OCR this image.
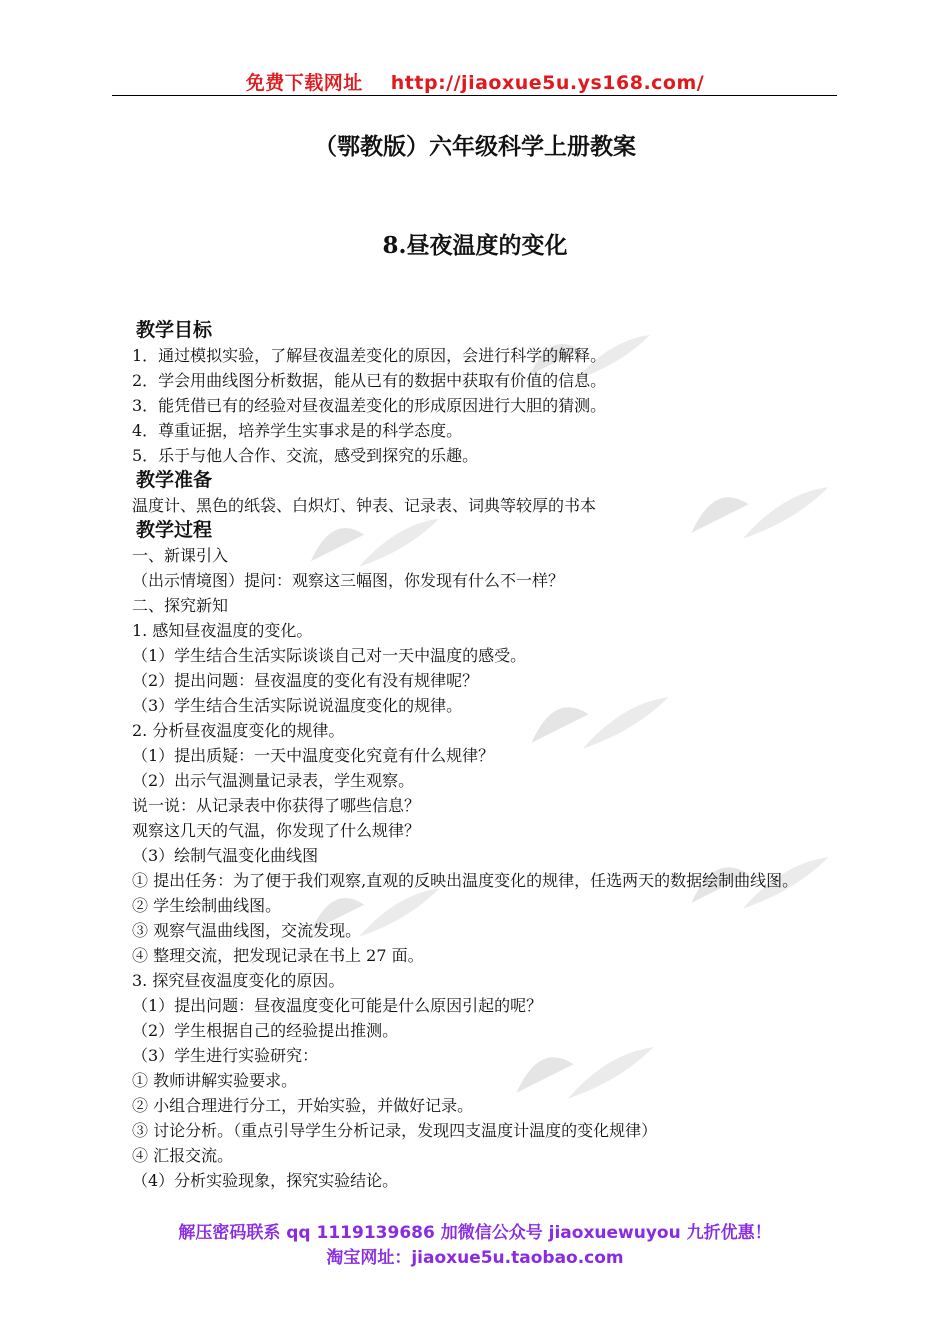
免费下载网址 http://jiaoxue5u.ys168.com/
（鄂教版）六年级科学上册教案
8.昼夜温度的变化
教学目标
1．通过模拟实验，了解昼夜温差变化的原因，会进行科学的解释。
2．学会用曲线图分析数据，能从已有的数据中获取有价值的信息。
3．能凭借已有的经验对昼夜温差变化的形成原因进行大胆的猜测。
4．尊重证据，培养学生实事求是的科学态度。
5．乐于与他人合作、交流，感受到探究的乐趣。
教学准备
温度计、黑色的纸袋、白炽灯、钟表、记录表、词典等较厚的书本
教学过程
一、新课引入
（出示情境图）提问：观察这三幅图，你发现有什么不一样？
二、探究新知
1. 感知昼夜温度的变化。
（1）学生结合生活实际谈谈自己对一天中温度的感受。
（2）提出问题：昼夜温度的变化有没有规律呢？
（3）学生结合生活实际说说温度变化的规律。
2. 分析昼夜温度变化的规律。
（1）提出质疑：一天中温度变化究竟有什么规律？
（2）出示气温测量记录表，学生观察。
说一说：从记录表中你获得了哪些信息？
观察这几天的气温，你发现了什么规律？
（3）绘制气温变化曲线图
① 提出任务：为了便于我们观察,直观的反映出温度变化的规律，任选两天的数据绘制曲线图。
② 学生绘制曲线图。
③ 观察气温曲线图，交流发现。
④ 整理交流，把发现记录在书上 27 面。
3. 探究昼夜温度变化的原因。
（1）提出问题：昼夜温度变化可能是什么原因引起的呢？
（2）学生根据自己的经验提出推测。
（3）学生进行实验研究：
① 教师讲解实验要求。
② 小组合理进行分工，开始实验，并做好记录。
③ 讨论分析。（重点引导学生分析记录，发现四支温度计温度的变化规律）
④ 汇报交流。
（4）分析实验现象，探究实验结论。
解压密码联系 qq 1119139686 加微信公众号 jiaoxuewuyou 九折优惠！
淘宝网址：jiaoxue5u.taobao.com
